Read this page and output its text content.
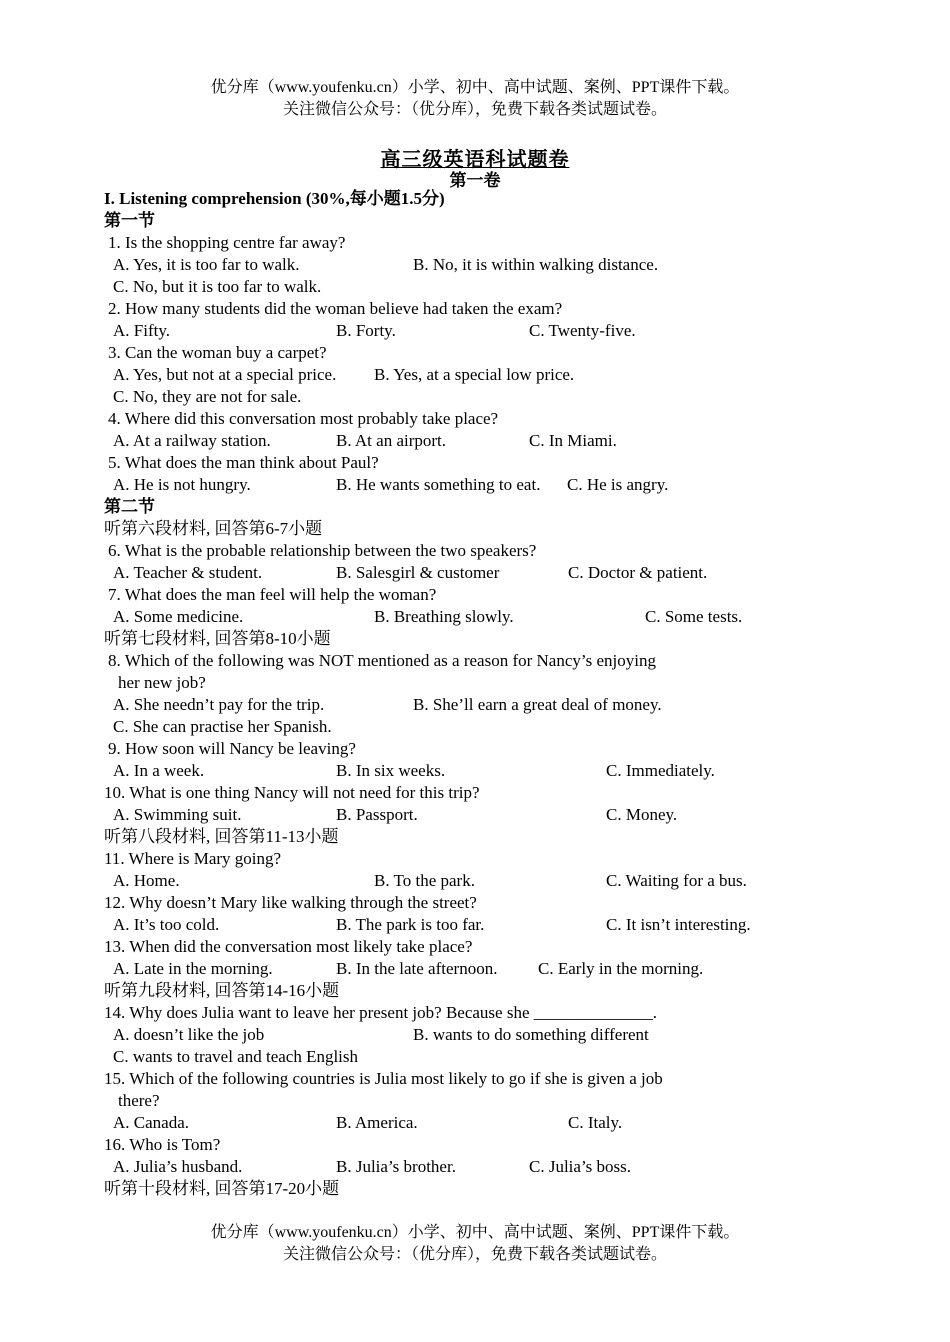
优分库（www.youfenku.cn）小学、初中、高中试题、案例、PPT课件下载。
关注微信公众号：（优分库），免费下载各类试题试卷。
高三级英语科试题卷
第一卷
I. Listening comprehension (30%,每小题1.5分)
第一节
1. Is the shopping centre far away?
A. Yes, it is too far to walk.	B. No, it is within walking distance.
C. No, but it is too far to walk.
2. How many students did the woman believe had taken the exam?
A. Fifty.	B. Forty.	C. Twenty-five.
3. Can the woman buy a carpet?
A. Yes, but not at a special price. B. Yes, at a special low price.
C. No, they are not for sale.
4. Where did this conversation most probably take place?
A. At a railway station.	B. At an airport.	C. In Miami.
5. What does the man think about Paul?
A. He is not hungry.	B. He wants something to eat. C. He is angry.
第二节
听第六段材料, 回答第6-7小题
6. What is the probable relationship between the two speakers?
A. Teacher & student.	B. Salesgirl & customer	C. Doctor & patient.
7. What does the man feel will help the woman?
A. Some medicine.	B. Breathing slowly.	C. Some tests.
听第七段材料, 回答第8-10小题
8. Which of the following was NOT mentioned as a reason for Nancy’s enjoying
her new job?
A. She needn’t pay for the trip.	B. She’ll earn a great deal of money.
C. She can practise her Spanish.
9. How soon will Nancy be leaving?
A. In a week.	B. In six weeks.	C. Immediately.
10. What is one thing Nancy will not need for this trip?
A. Swimming suit.	B. Passport.	C. Money.
听第八段材料, 回答第11-13小题
11. Where is Mary going?
A. Home.	B. To the park.	C. Waiting for a bus.
12. Why doesn’t Mary like walking through the street?
A. It’s too cold.	B. The park is too far.	C. It isn’t interesting.
13. When did the conversation most likely take place?
A. Late in the morning.	B. In the late afternoon. C. Early in the morning.
听第九段材料, 回答第14-16小题
14. Why does Julia want to leave her present job? Because she ______________.
A. doesn’t like the job	B. wants to do something different
C. wants to travel and teach English
15. Which of the following countries is Julia most likely to go if she is given a job
there?
A. Canada.	B. America.	C. Italy.
16. Who is Tom?
A. Julia’s husband.	B. Julia’s brother.	C. Julia’s boss.
听第十段材料, 回答第17-20小题
优分库（www.youfenku.cn）小学、初中、高中试题、案例、PPT课件下载。
关注微信公众号：（优分库），免费下载各类试题试卷。
